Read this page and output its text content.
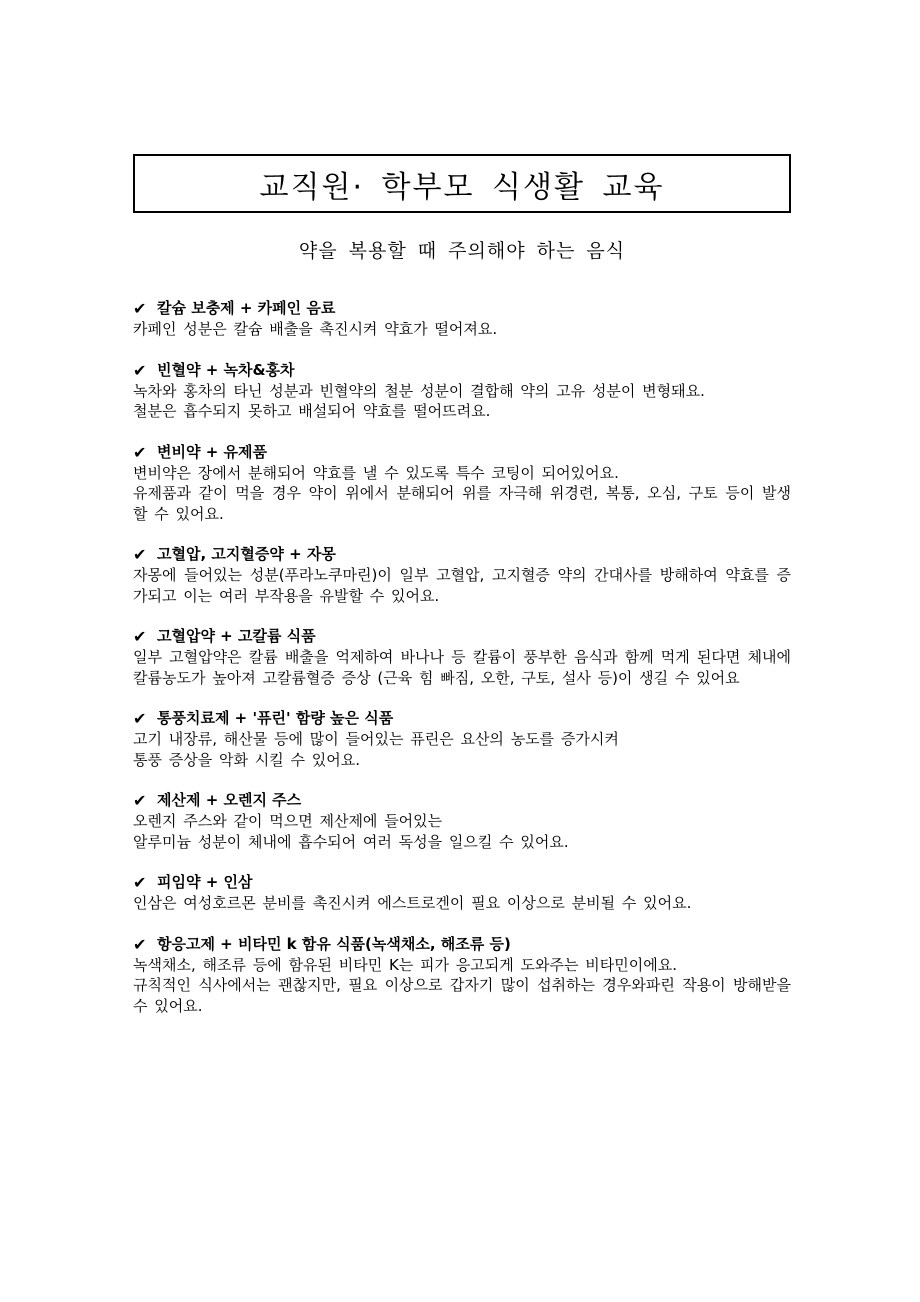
교직원· 학부모 식생활 교육
약을 복용할 때 주의해야 하는 음식
✔︎ 칼슘 보충제 + 카페인 음료
카페인 성분은 칼슘 배출을 촉진시켜 약효가 떨어져요.
✔︎ 빈혈약 + 녹차&홍차
녹차와 홍차의 타닌 성분과 빈혈약의 철분 성분이 결합해 약의 고유 성분이 변형돼요.
철분은 흡수되지 못하고 배설되어 약효를 떨어뜨려요.
✔︎ 변비약 + 유제품
변비약은 장에서 분해되어 약효를 낼 수 있도록 특수 코팅이 되어있어요.
유제품과 같이 먹을 경우 약이 위에서 분해되어 위를 자극해 위경련, 복통, 오심, 구토 등이 발생할 수 있어요.
✔︎ 고혈압, 고지혈증약 + 자몽
자몽에 들어있는 성분(푸라노쿠마린)이 일부 고혈압, 고지혈증 약의 간대사를 방해하여 약효를 증가되고 이는 여러 부작용을 유발할 수 있어요.
✔︎ 고혈압약 + 고칼륨 식품
일부 고혈압약은 칼륨 배출을 억제하여 바나나 등 칼륨이 풍부한 음식과 함께 먹게 된다면 체내에 칼륨농도가 높아져 고칼륨혈증 증상 (근육 힘 빠짐, 오한, 구토, 설사 등)이 생길 수 있어요
✔︎ 통풍치료제 + '퓨린' 함량 높은 식품
고기 내장류, 해산물 등에 많이 들어있는 퓨린은 요산의 농도를 증가시켜
통풍 증상을 악화 시킬 수 있어요.
✔︎ 제산제 + 오렌지 주스
오렌지 주스와 같이 먹으면 제산제에 들어있는
알루미늄 성분이 체내에 흡수되어 여러 독성을 일으킬 수 있어요.
✔︎ 피임약 + 인삼
인삼은 여성호르몬 분비를 촉진시켜 에스트로겐이 필요 이상으로 분비될 수 있어요.
✔︎ 항응고제 + 비타민 k 함유 식품(녹색채소, 해조류 등)
녹색채소, 해조류 등에 함유된 비타민 K는 피가 응고되게 도와주는 비타민이에요.
규칙적인 식사에서는 괜찮지만, 필요 이상으로 갑자기 많이 섭취하는 경우와파린 작용이 방해받을 수 있어요.
